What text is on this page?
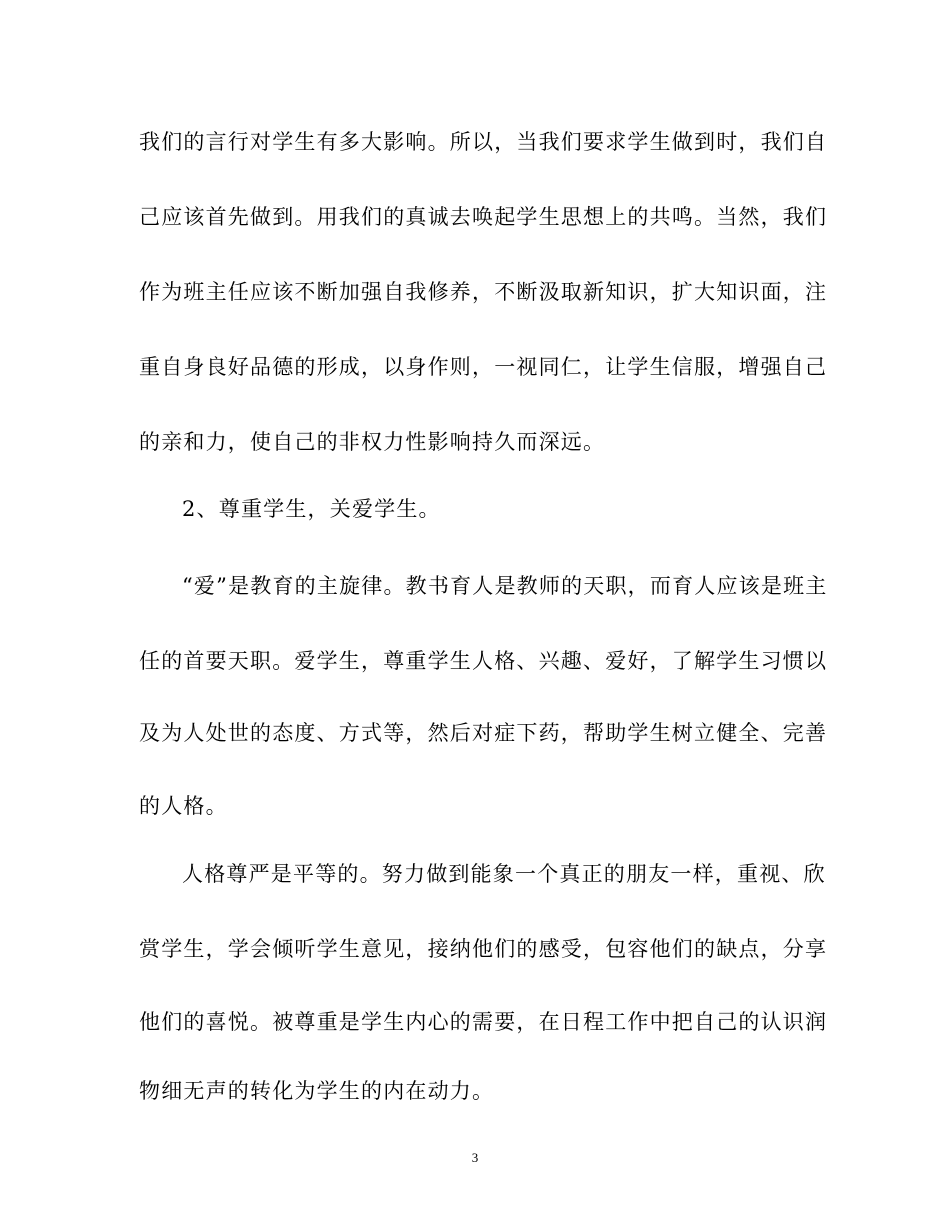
我们的言行对学生有多大影响。所以，当我们要求学生做到时，我们自
己应该首先做到。用我们的真诚去唤起学生思想上的共鸣。当然，我们
作为班主任应该不断加强自我修养，不断汲取新知识，扩大知识面，注
重自身良好品德的形成，以身作则，一视同仁，让学生信服，增强自己
的亲和力，使自己的非权力性影响持久而深远。
2、尊重学生，关爱学生。
“爱”是教育的主旋律。教书育人是教师的天职，而育人应该是班主
任的首要天职。爱学生，尊重学生人格、兴趣、爱好，了解学生习惯以
及为人处世的态度、方式等，然后对症下药，帮助学生树立健全、完善
的人格。
人格尊严是平等的。努力做到能象一个真正的朋友一样，重视、欣
赏学生，学会倾听学生意见，接纳他们的感受，包容他们的缺点，分享
他们的喜悦。被尊重是学生内心的需要，在日程工作中把自己的认识润
物细无声的转化为学生的内在动力。
3
